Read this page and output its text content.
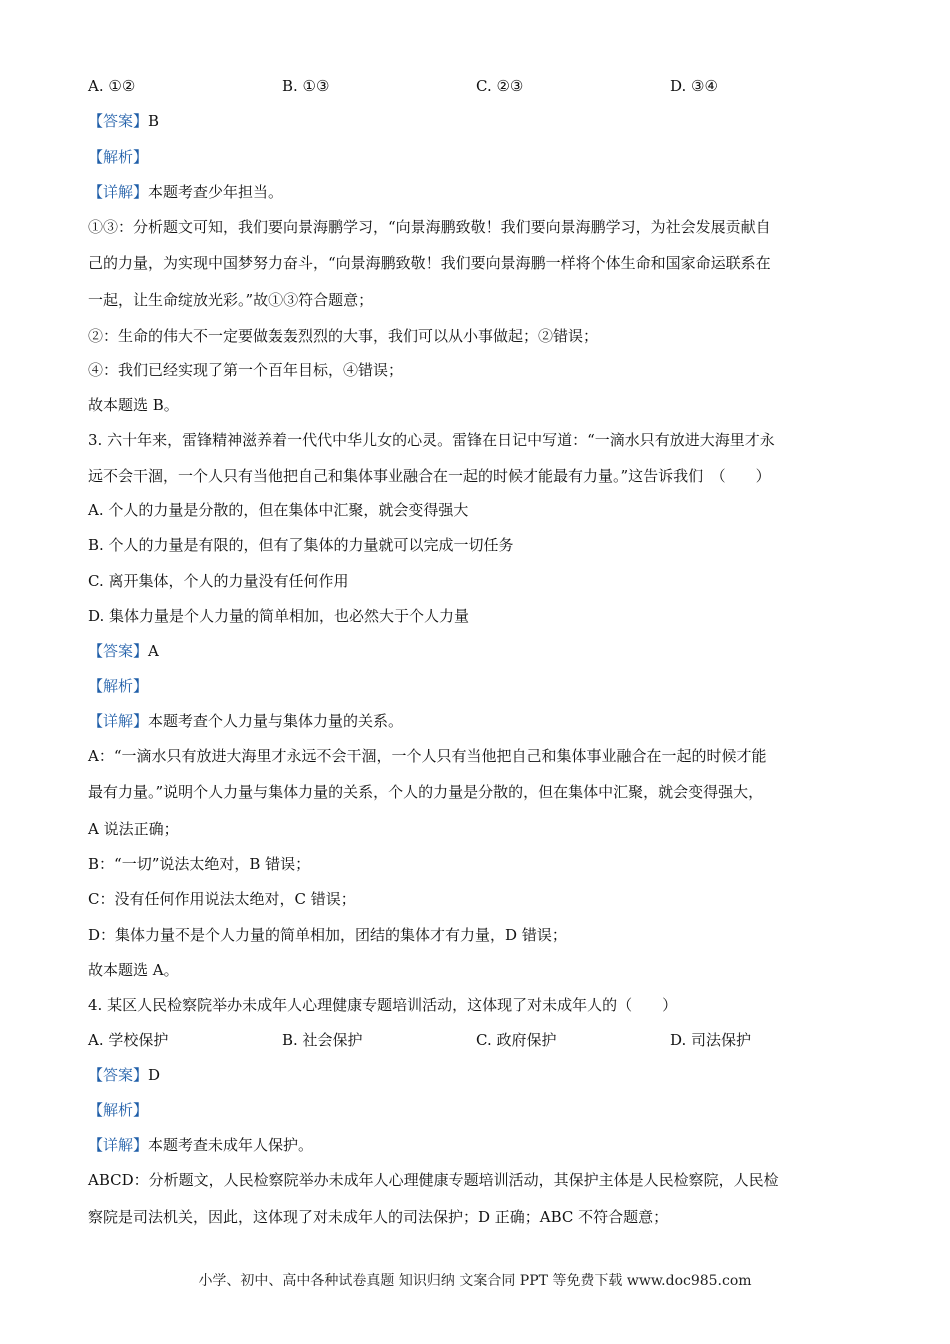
A. ①②	B. ①③	C. ②③	D. ③④
【答案】B
【解析】
【详解】本题考查少年担当。
①③：分析题文可知，我们要向景海鹏学习，“向景海鹏致敬！我们要向景海鹏学习，为社会发展贡献自
己的力量，为实现中国梦努力奋斗，“向景海鹏致敬！我们要向景海鹏一样将个体生命和国家命运联系在
一起，让生命绽放光彩。”故①③符合题意；
②：生命的伟大不一定要做轰轰烈烈的大事，我们可以从小事做起；②错误；
④：我们已经实现了第一个百年目标，④错误；
故本题选 B。
3. 六十年来，雷锋精神滋养着一代代中华儿女的心灵。雷锋在日记中写道：“一滴水只有放进大海里才永
远不会干涸，一个人只有当他把自己和集体事业融合在一起的时候才能最有力量。”这告诉我们　（　　）
A. 个人的力量是分散的，但在集体中汇聚，就会变得强大
B. 个人的力量是有限的，但有了集体的力量就可以完成一切任务
C. 离开集体，个人的力量没有任何作用
D. 集体力量是个人力量的简单相加，也必然大于个人力量
【答案】A
【解析】
【详解】本题考查个人力量与集体力量的关系。
A：“一滴水只有放进大海里才永远不会干涸，一个人只有当他把自己和集体事业融合在一起的时候才能
最有力量。”说明个人力量与集体力量的关系，个人的力量是分散的，但在集体中汇聚，就会变得强大，
A 说法正确；
B：“一切”说法太绝对，B 错误；
C：没有任何作用说法太绝对，C 错误；
D：集体力量不是个人力量的简单相加，团结的集体才有力量，D 错误；
故本题选 A。
4. 某区人民检察院举办未成年人心理健康专题培训活动，这体现了对未成年人的（　　）
A. 学校保护	B. 社会保护	C. 政府保护	D. 司法保护
【答案】D
【解析】
【详解】本题考查未成年人保护。
ABCD：分析题文，人民检察院举办未成年人心理健康专题培训活动，其保护主体是人民检察院，人民检
察院是司法机关，因此，这体现了对未成年人的司法保护；D 正确；ABC 不符合题意；
小学、初中、高中各种试卷真题 知识归纳 文案合同 PPT 等免费下载 www.doc985.com
